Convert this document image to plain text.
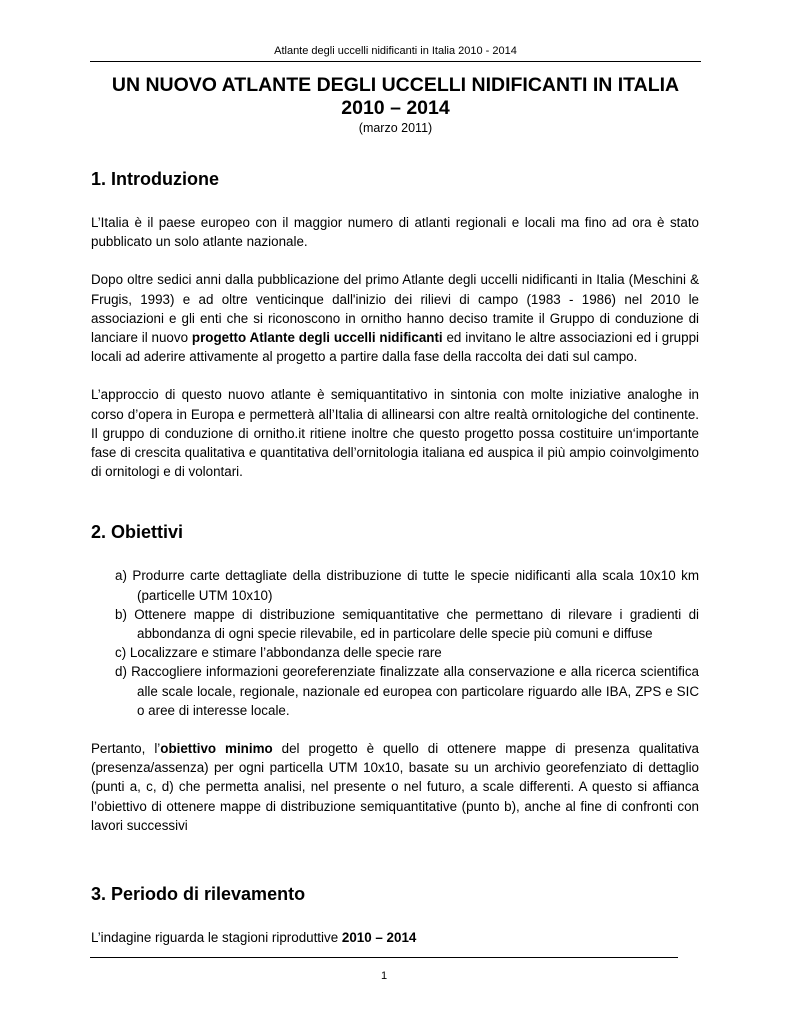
Atlante degli uccelli nidificanti in Italia 2010 - 2014
UN NUOVO ATLANTE DEGLI UCCELLI NIDIFICANTI IN ITALIA
2010 – 2014
(marzo 2011)
1. Introduzione

L’Italia è il paese europeo con il maggior numero di atlanti regionali e locali ma fino ad ora è stato pubblicato un solo atlante nazionale.

Dopo oltre sedici anni dalla pubblicazione del primo Atlante degli uccelli nidificanti in Italia (Meschini & Frugis, 1993) e ad oltre venticinque dall'inizio dei rilievi di campo (1983 - 1986) nel 2010 le associazioni e gli enti che si riconoscono in ornitho hanno deciso tramite il Gruppo di conduzione di lanciare il nuovo progetto Atlante degli uccelli nidificanti ed invitano le altre associazioni ed i gruppi locali ad aderire attivamente al progetto a partire dalla fase della raccolta dei dati sul campo.

L’approccio di questo nuovo atlante è semiquantitativo in sintonia con molte iniziative analoghe in corso d’opera in Europa e permetterà all’Italia di allinearsi con altre realtà ornitologiche del continente. Il gruppo di conduzione di ornitho.it ritiene inoltre che questo progetto possa costituire un‘importante fase di crescita qualitativa e quantitativa dell’ornitologia italiana ed auspica il più ampio coinvolgimento di ornitologi e di volontari.

2. Obiettivi
a) Produrre carte dettagliate della distribuzione di tutte le specie nidificanti alla scala 10x10 km (particelle UTM 10x10)
b) Ottenere mappe di distribuzione semiquantitative che permettano di rilevare i gradienti di abbondanza di ogni specie rilevabile, ed in particolare delle specie più comuni e diffuse
c) Localizzare e stimare l’abbondanza delle specie rare
d) Raccogliere informazioni georeferenziate finalizzate alla conservazione e alla ricerca scientifica alle scale locale, regionale, nazionale ed europea con particolare riguardo alle IBA, ZPS e SIC o aree di interesse locale.

Pertanto, l’obiettivo minimo del progetto è quello di ottenere mappe di presenza qualitativa (presenza/assenza) per ogni particella UTM 10x10, basate su un archivio georefenziato di dettaglio (punti a, c, d) che permetta analisi, nel presente o nel futuro, a scale differenti. A questo si affianca l’obiettivo di ottenere mappe di distribuzione semiquantitative (punto b), anche al fine di confronti con lavori successivi

3. Periodo di rilevamento

L’indagine riguarda le stagioni riproduttive 2010 – 2014

1
